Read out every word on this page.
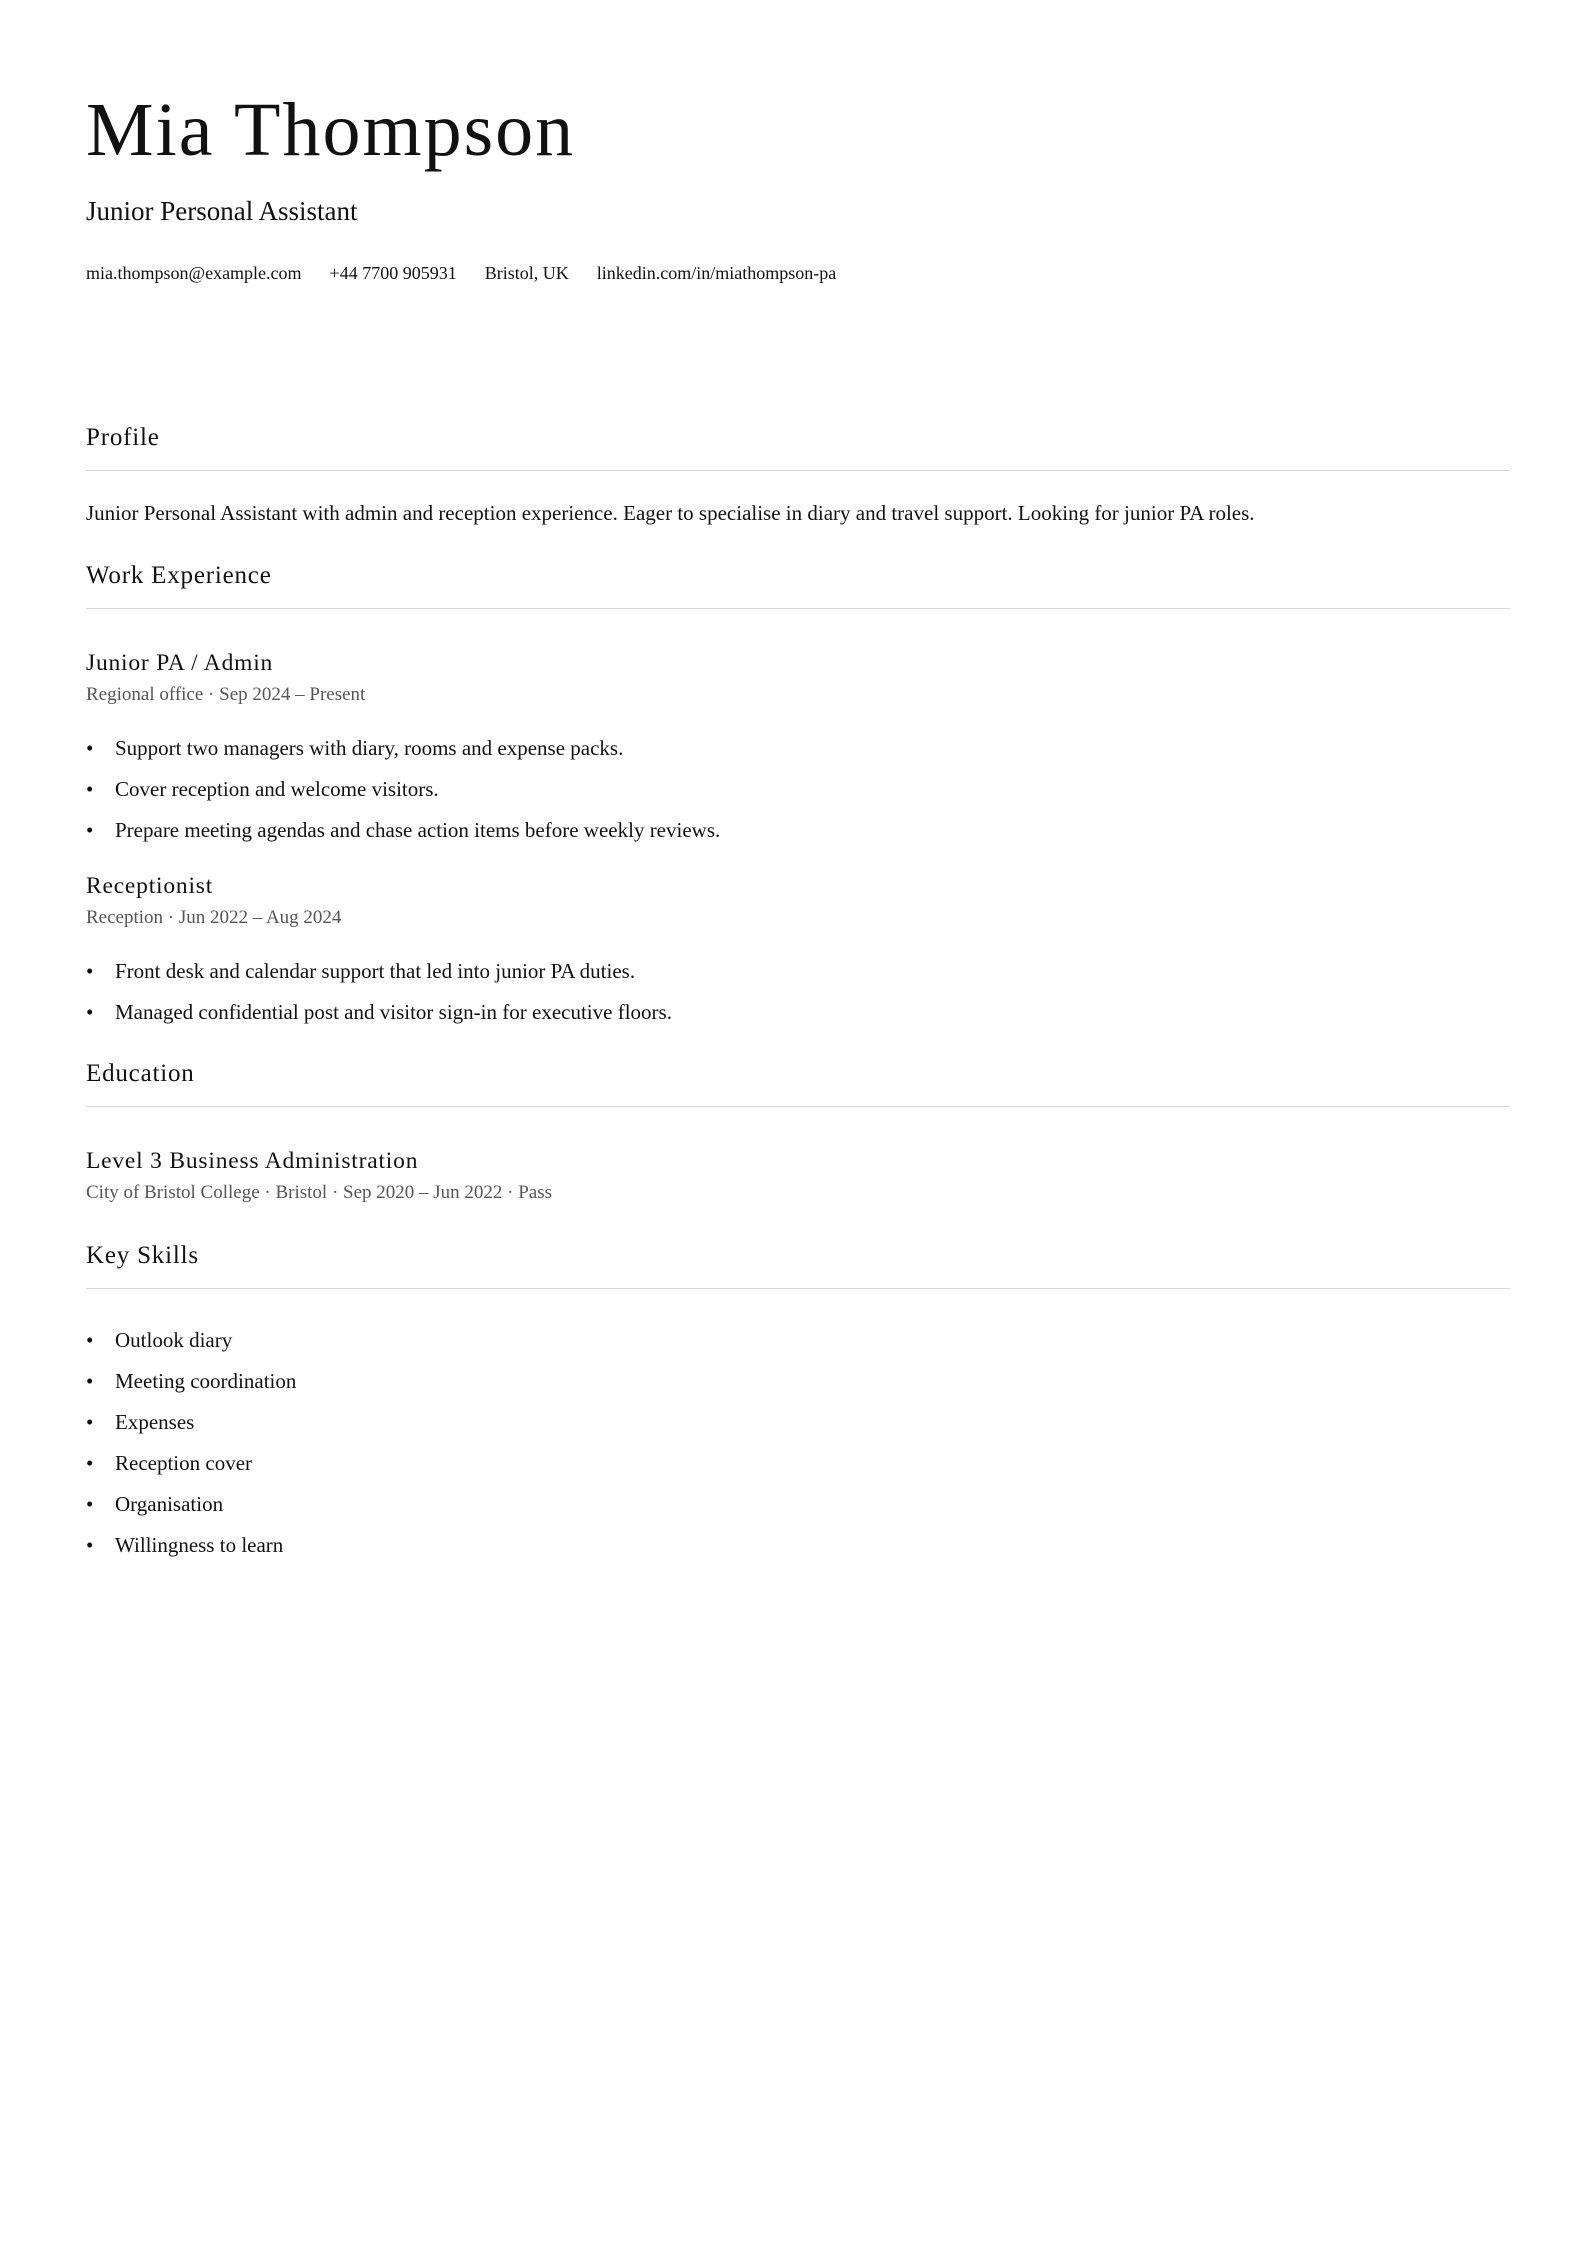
Mia Thompson
Junior Personal Assistant
mia.thompson@example.com +44 7700 905931 Bristol, UK linkedin.com/in/miathompson-pa
Profile
Junior Personal Assistant with admin and reception experience. Eager to specialise in diary and travel support. Looking for junior PA roles.
Work Experience
Junior PA / Admin
Regional office · Sep 2024 – Present
• Support two managers with diary, rooms and expense packs.
• Cover reception and welcome visitors.
• Prepare meeting agendas and chase action items before weekly reviews.
Receptionist
Reception · Jun 2022 – Aug 2024
• Front desk and calendar support that led into junior PA duties.
• Managed confidential post and visitor sign-in for executive floors.
Education
Level 3 Business Administration
City of Bristol College · Bristol · Sep 2020 – Jun 2022 · Pass
Key Skills
• Outlook diary
• Meeting coordination
• Expenses
• Reception cover
• Organisation
• Willingness to learn
